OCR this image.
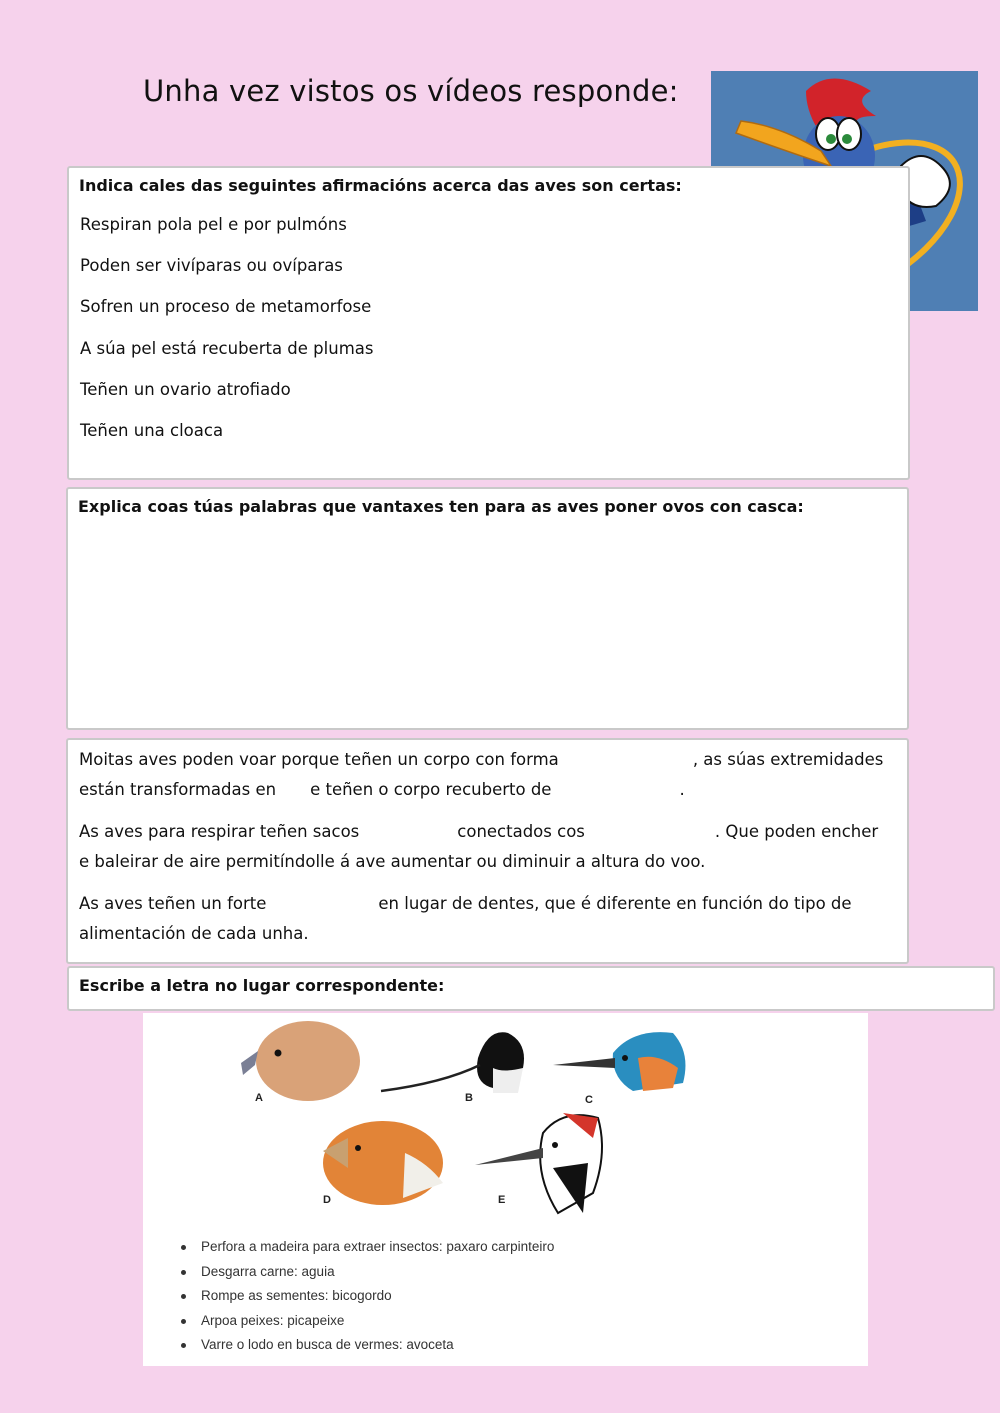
Unha vez vistos os vídeos responde:
Indica cales das seguintes afirmacións acerca das aves son certas:
Respiran pola pel e por pulmóns
Poden ser vivíparas ou ovíparas
Sofren un proceso de metamorfose
A súa pel está recuberta de plumas
Teñen un ovario atrofiado
Teñen una cloaca
Explica coas túas palabras que vantaxes ten para as aves poner ovos con casca:

Moitas aves poden voar porque teñen un corpo con forma	, as súas extremidades
están transformadas en e teñen o corpo recuberto de	.

As aves para respirar teñen sacos	conectados cos	. Que poden encher
e baleirar de aire permitíndolle á ave aumentar ou diminuir a altura do voo.

As aves teñen un forte	en lugar de dentes, que é diferente en función do tipo de
alimentación de cada unha.

Escribe a letra no lugar correspondente:
A	B	C
D	E
Perfora a madeira para extraer insectos: paxaro carpinteiro
Desgarra carne: aguia
Rompe as sementes: bicogordo
Arpoa peixes: picapeixe
Varre o lodo en busca de vermes: avoceta
